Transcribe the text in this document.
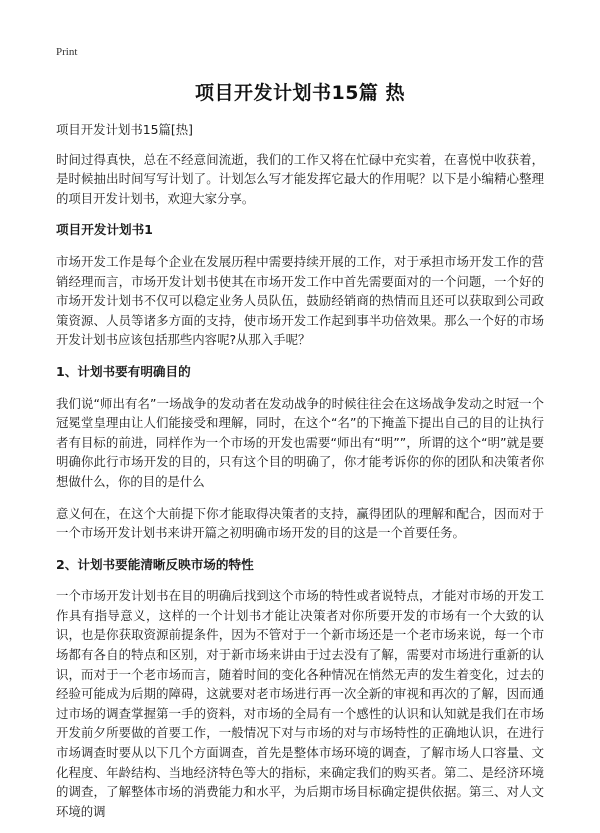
Print
项目开发计划书15篇 热

项目开发计划书15篇[热]

时间过得真快，总在不经意间流逝，我们的工作又将在忙碌中充实着，在喜悦中收获着，是时候抽出时间写写计划了。计划怎么写才能发挥它最大的作用呢？以下是小编精心整理的项目开发计划书，欢迎大家分享。

项目开发计划书1

市场开发工作是每个企业在发展历程中需要持续开展的工作，对于承担市场开发工作的营销经理而言，市场开发计划书使其在市场开发工作中首先需要面对的一个问题，一个好的市场开发计划书不仅可以稳定业务人员队伍，鼓励经销商的热情而且还可以获取到公司政策资源、人员等诸多方面的支持，使市场开发工作起到事半功倍效果。那么一个好的市场开发计划书应该包括那些内容呢?从那入手呢？

1、计划书要有明确目的

我们说“师出有名”一场战争的发动者在发动战争的时候往往会在这场战争发动之时冠一个冠冕堂皇理由让人们能接受和理解，同时，在这个“名”的下掩盖下提出自己的目的让执行者有目标的前进，同样作为一个市场的开发也需要“师出有“明””，所谓的这个“明”就是要明确你此行市场开发的目的，只有这个目的明确了，你才能考诉你的你的团队和决策者你想做什么，你的目的是什么

意义何在，在这个大前提下你才能取得决策者的支持，赢得团队的理解和配合，因而对于一个市场开发计划书来讲开篇之初明确市场开发的目的这是一个首要任务。

2、计划书要能清晰反映市场的特性

一个市场开发计划书在目的明确后找到这个市场的特性或者说特点，才能对市场的开发工作具有指导意义，这样的一个计划书才能让决策者对你所要开发的市场有一个大致的认识，也是你获取资源前提条件，因为不管对于一个新市场还是一个老市场来说，每一个市场都有各自的特点和区别，对于新市场来讲由于过去没有了解，需要对市场进行重新的认识，而对于一个老市场而言，随着时间的变化各种情况在悄然无声的发生着变化，过去的经验可能成为后期的障碍，这就要对老市场进行再一次全新的审视和再次的了解，因而通过市场的调查掌握第一手的资料，对市场的全局有一个感性的认识和认知就是我们在市场开发前夕所要做的首要工作，一般情况下对与市场的对与市场特性的正确地认识，在进行市场调查时要从以下几个方面调查，首先是整体市场环境的调查，了解市场人口容量、文化程度、年龄结构、当地经济特色等大的指标，来确定我们的购买者。第二、是经济环境的调查，了解整体市场的消费能力和水平，为后期市场目标确定提供依据。第三、对人文环境的调
